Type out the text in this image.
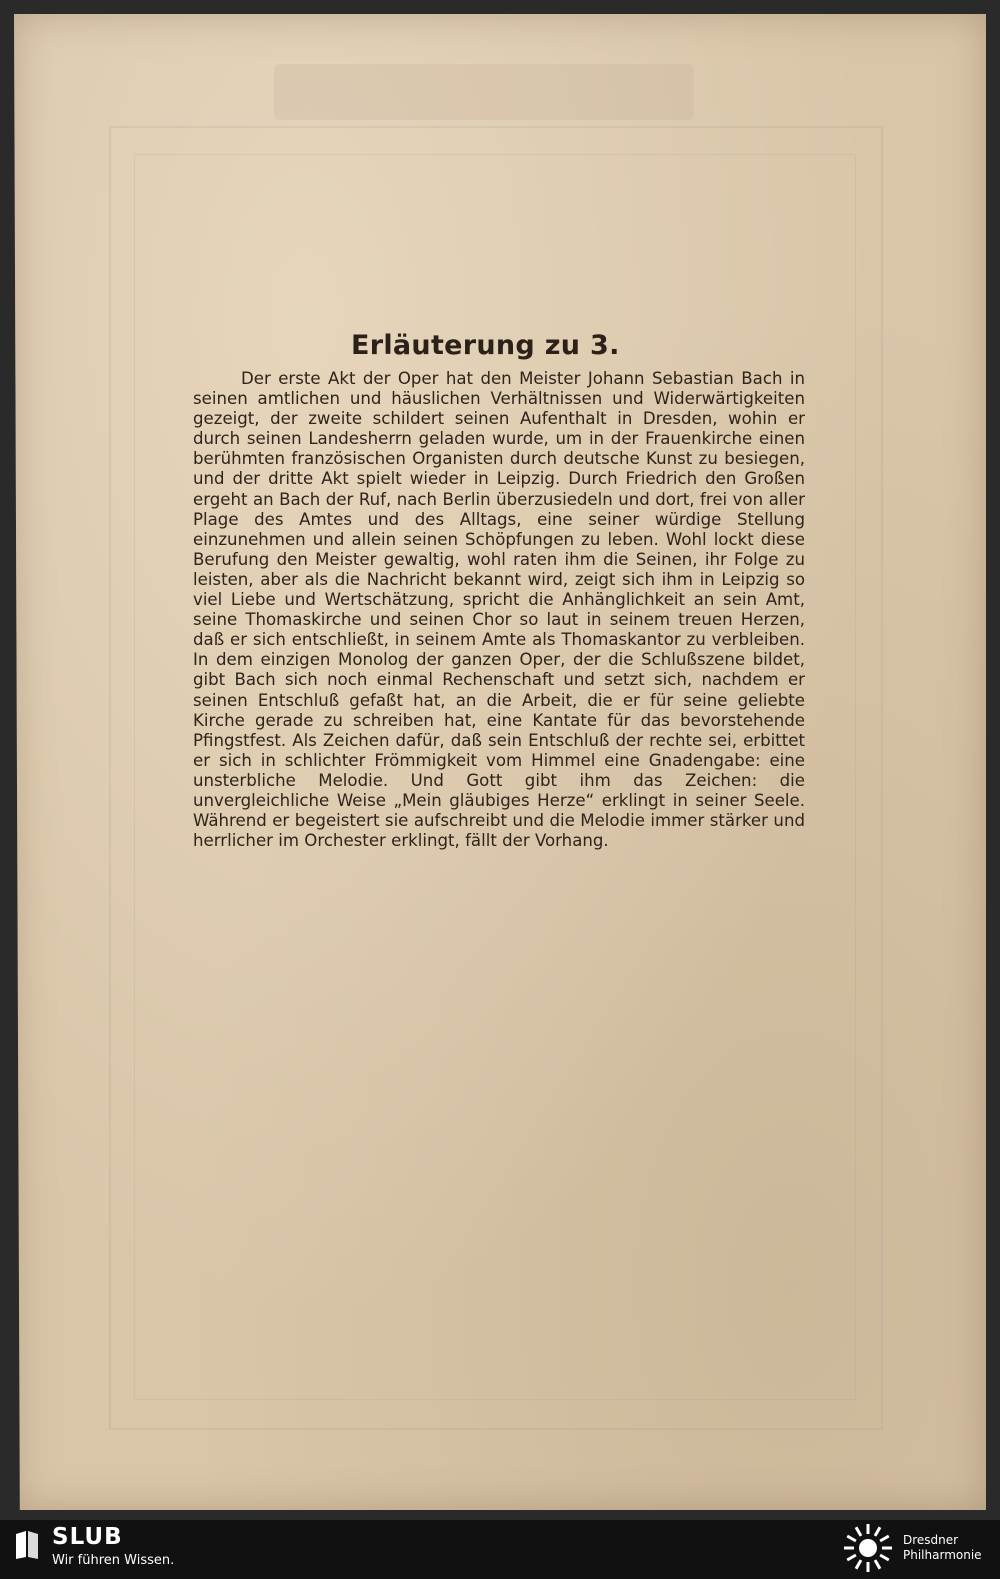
Erläuterung zu 3.

Der erste Akt der Oper hat den Meister Johann Sebastian Bach in seinen amtlichen und häuslichen Verhältnissen und Widerwärtigkeiten gezeigt, der zweite schildert seinen Aufenthalt in Dresden, wohin er durch seinen Landesherrn geladen wurde, um in der Frauenkirche einen berühmten französischen Organisten durch deutsche Kunst zu besiegen, und der dritte Akt spielt wieder in Leipzig. Durch Friedrich den Großen ergeht an Bach der Ruf, nach Berlin überzusiedeln und dort, frei von aller Plage des Amtes und des Alltags, eine seiner würdige Stellung einzunehmen und allein seinen Schöpfungen zu leben. Wohl lockt diese Berufung den Meister gewaltig, wohl raten ihm die Seinen, ihr Folge zu leisten, aber als die Nachricht bekannt wird, zeigt sich ihm in Leipzig so viel Liebe und Wertschätzung, spricht die Anhänglichkeit an sein Amt, seine Thomaskirche und seinen Chor so laut in seinem treuen Herzen, daß er sich entschließt, in seinem Amte als Thomaskantor zu verbleiben. In dem einzigen Monolog der ganzen Oper, der die Schlußszene bildet, gibt Bach sich noch einmal Rechenschaft und setzt sich, nachdem er seinen Entschluß gefaßt hat, an die Arbeit, die er für seine geliebte Kirche gerade zu schreiben hat, eine Kantate für das bevorstehende Pfingstfest. Als Zeichen dafür, daß sein Entschluß der rechte sei, erbittet er sich in schlichter Frömmigkeit vom Himmel eine Gnadengabe: eine unsterbliche Melodie. Und Gott gibt ihm das Zeichen: die unvergleichliche Weise „Mein gläubiges Herze“ erklingt in seiner Seele. Während er begeistert sie aufschreibt und die Melodie immer stärker und herrlicher im Orchester erklingt, fällt der Vorhang.

SLUB
Wir führen Wissen.
Dresdner
Philharmonie
